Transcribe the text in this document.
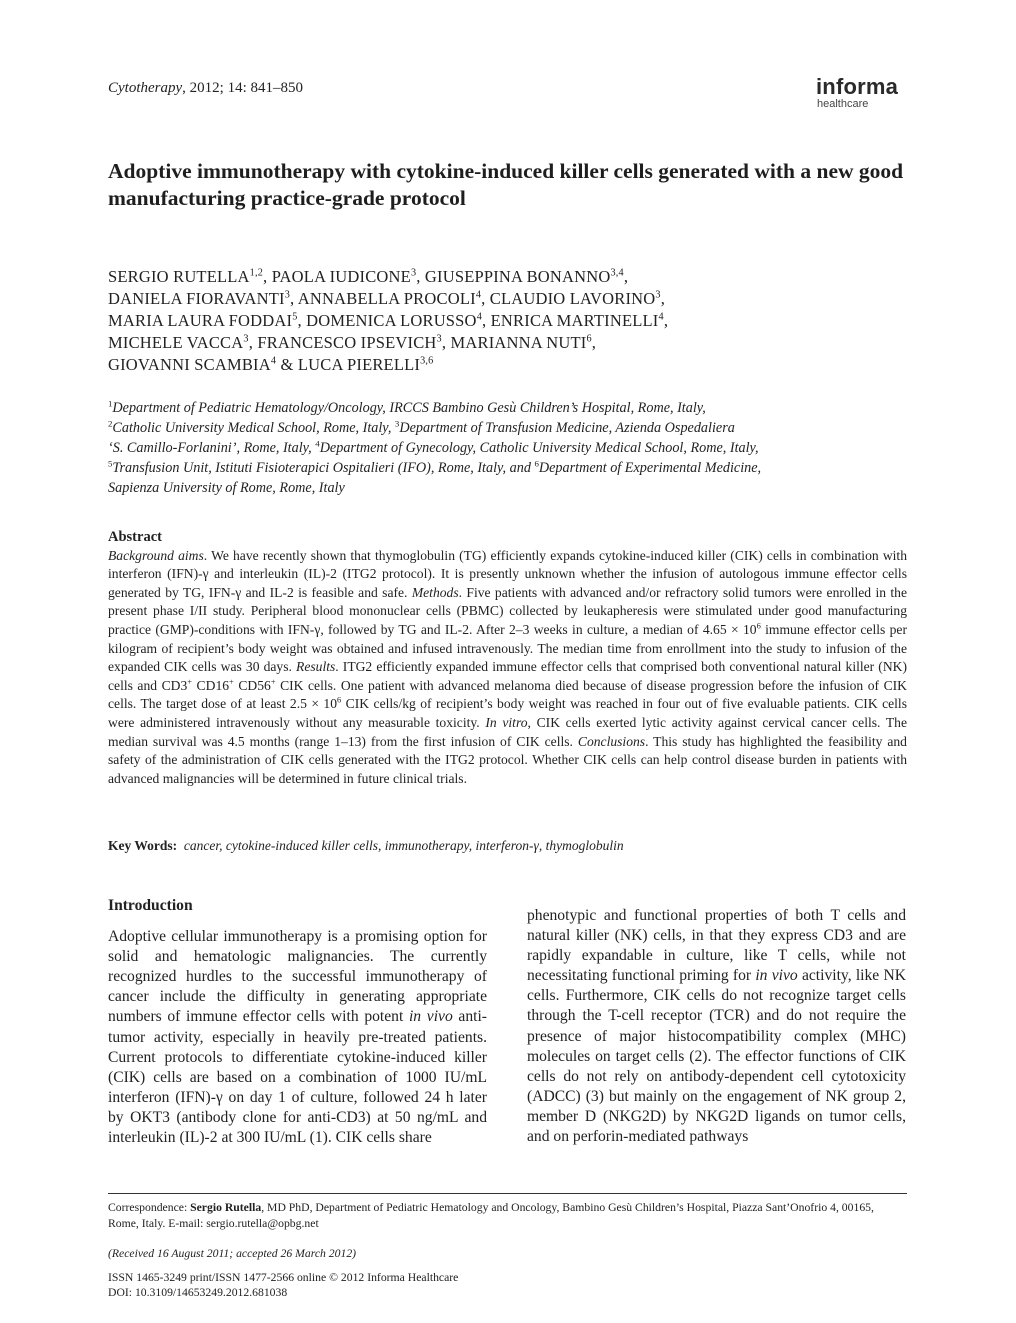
Cytotherapy, 2012; 14: 841–850	informa
healthcare
Adoptive immunotherapy with cytokine-induced killer cells generated with a new good manufacturing practice-grade protocol
SERGIO RUTELLA$^{1,2}$, PAOLA IUDICONE$^3$, GIUSEPPINA BONANNO$^{3,4}$,
DANIELA FIORAVANTI$^3$, ANNABELLA PROCOLI$^4$, CLAUDIO LAVORINO$^3$,
MARIA LAURA FODDAI$^5$, DOMENICA LORUSSO$^4$, ENRICA MARTINELLI$^4$,
MICHELE VACCA$^3$, FRANCESCO IPSEVICH$^3$, MARIANNA NUTI$^6$,
GIOVANNI SCAMBIA$^4$ & LUCA PIERELLI$^{3,6}$
$^1$Department of Pediatric Hematology/Oncology, IRCCS Bambino Gesù Children’s Hospital, Rome, Italy,
$^2$Catholic University Medical School, Rome, Italy, $^3$Department of Transfusion Medicine, Azienda Ospedaliera
‘S. Camillo-Forlanini’, Rome, Italy, $^4$Department of Gynecology, Catholic University Medical School, Rome, Italy,
$^5$Transfusion Unit, Istituti Fisioterapici Ospitalieri (IFO), Rome, Italy, and $^6$Department of Experimental Medicine,
Sapienza University of Rome, Rome, Italy
Abstract
Background aims. We have recently shown that thymoglobulin (TG) efficiently expands cytokine-induced killer (CIK) cells in combination with interferon (IFN)-γ and interleukin (IL)-2 (ITG2 protocol). It is presently unknown whether the infusion of autologous immune effector cells generated by TG, IFN-γ and IL-2 is feasible and safe. Methods. Five patients with advanced and/or refractory solid tumors were enrolled in the present phase I/II study. Peripheral blood mononuclear cells (PBMC) collected by leukapheresis were stimulated under good manufacturing practice (GMP)-conditions with IFN-γ, followed by TG and IL-2. After 2–3 weeks in culture, a median of $4.65 \times 10^6$ immune effector cells per kilogram of recipient’s body weight was obtained and infused intravenously. The median time from enrollment into the study to infusion of the expanded CIK cells was 30 days. Results. ITG2 efficiently expanded immune effector cells that comprised both conventional natural killer (NK) cells and CD3+ CD16+ CD56+ CIK cells. One patient with advanced melanoma died because of disease progression before the infusion of CIK cells. The target dose of at least $2.5 \times 10^6$ CIK cells/kg of recipient’s body weight was reached in four out of five evaluable patients. CIK cells were administered intravenously without any measurable toxicity. In vitro, CIK cells exerted lytic activity against cervical cancer cells. The median survival was 4.5 months (range 1–13) from the first infusion of CIK cells. Conclusions. This study has highlighted the feasibility and safety of the administration of CIK cells generated with the ITG2 protocol. Whether CIK cells can help control disease burden in patients with advanced malignancies will be determined in future clinical trials.
Key Words: cancer, cytokine-induced killer cells, immunotherapy, interferon-γ, thymoglobulin
Introduction
Adoptive cellular immunotherapy is a promising option for solid and hematologic malignancies. The currently recognized hurdles to the successful immunotherapy of cancer include the difficulty in generating appropriate numbers of immune effector cells with potent in vivo anti-tumor activity, especially in heavily pre-treated patients. Current protocols to differentiate cytokine-induced killer (CIK) cells are based on a combination of 1000 IU/mL interferon (IFN)-γ on day 1 of culture, followed 24 h later by OKT3 (antibody clone for anti-CD3) at 50 ng/mL and interleukin (IL)-2 at 300 IU/mL (1). CIK cells share
phenotypic and functional properties of both T cells and natural killer (NK) cells, in that they express CD3 and are rapidly expandable in culture, like T cells, while not necessitating functional priming for in vivo activity, like NK cells. Furthermore, CIK cells do not recognize target cells through the T-cell receptor (TCR) and do not require the presence of major histocompatibility complex (MHC) molecules on target cells (2). The effector functions of CIK cells do not rely on antibody-dependent cell cytotoxicity (ADCC) (3) but mainly on the engagement of NK group 2, member D (NKG2D) by NKG2D ligands on tumor cells, and on perforin-mediated pathways
Correspondence: Sergio Rutella, MD PhD, Department of Pediatric Hematology and Oncology, Bambino Gesù Children’s Hospital, Piazza Sant’Onofrio 4, 00165, Rome, Italy. E-mail: sergio.rutella@opbg.net
(Received 16 August 2011; accepted 26 March 2012)
ISSN 1465-3249 print/ISSN 1477-2566 online © 2012 Informa Healthcare
DOI: 10.3109/14653249.2012.681038
